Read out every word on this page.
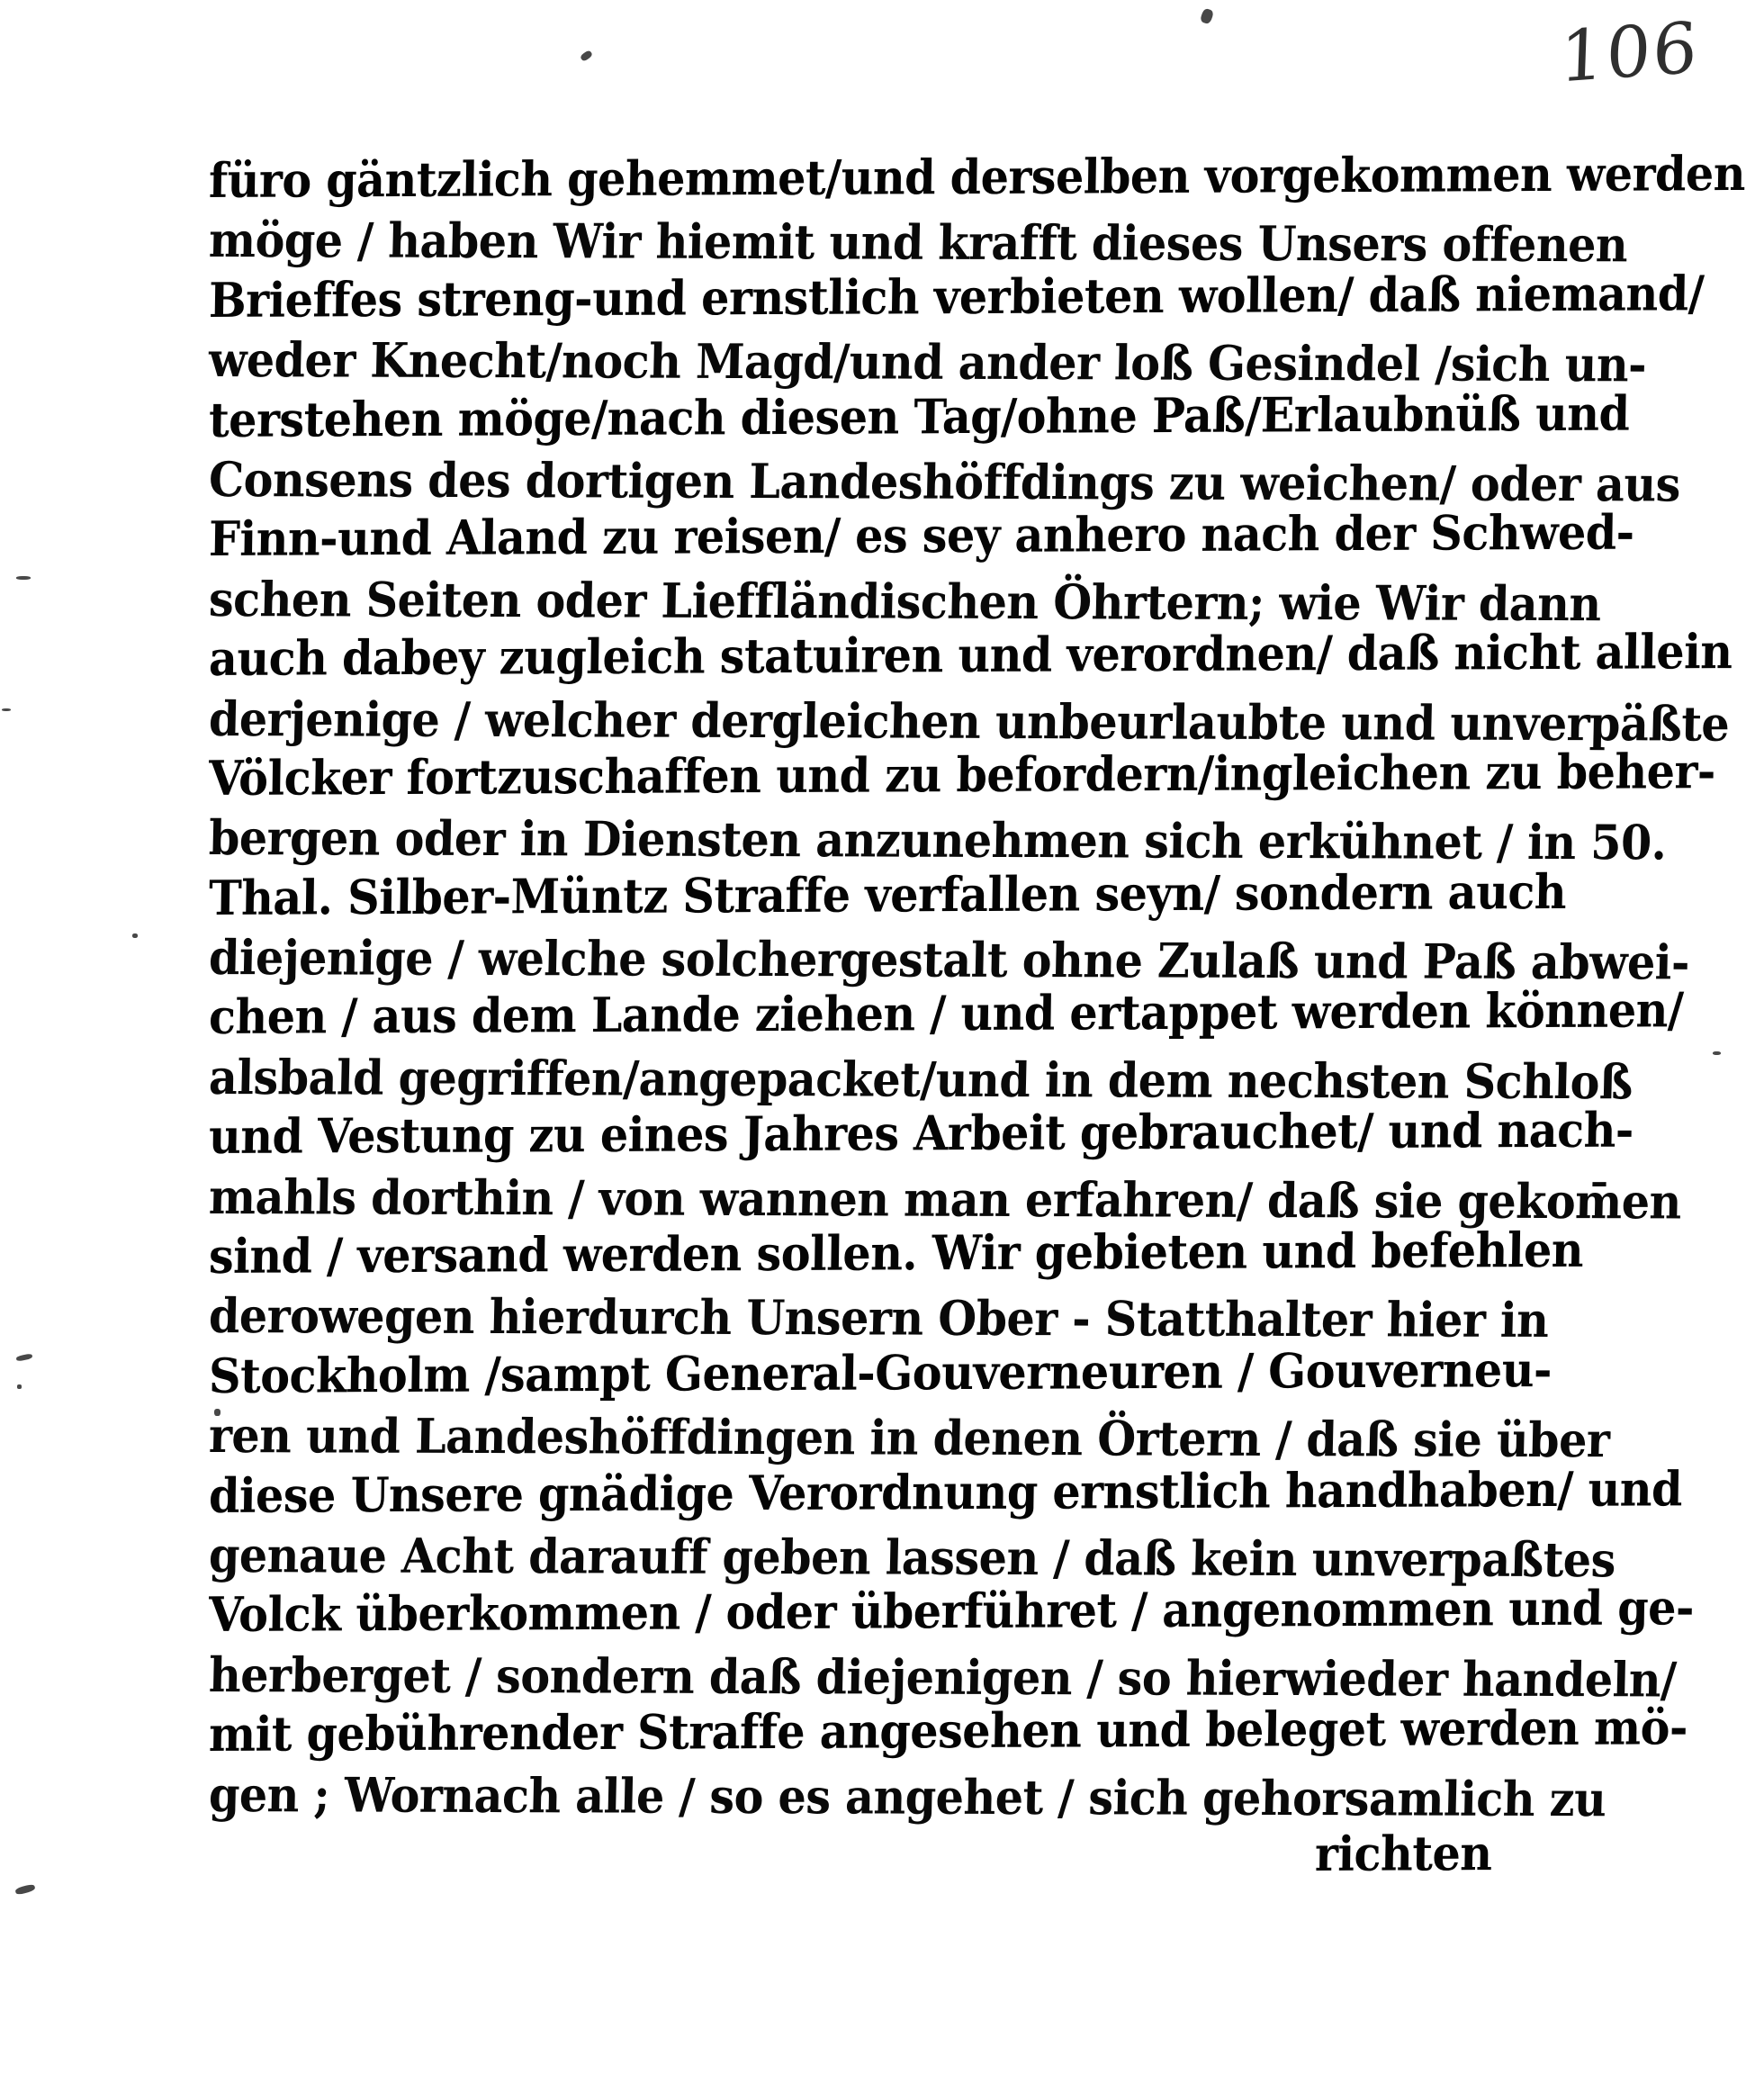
106
füro gäntzlich gehemmet/und derselben vorgekommen werden
möge / haben Wir hiemit und krafft dieses Unsers offenen
Brieffes streng-und ernstlich verbieten wollen/ daß niemand/
weder Knecht/noch Magd/und ander loß Gesindel /sich un-
terstehen möge/nach diesen Tag/ohne Paß/Erlaubnüß und
Consens des dortigen Landeshöffdings zu weichen/ oder aus
Finn-und Aland zu reisen/ es sey anhero nach der Schwed-
schen Seiten oder Lieffländischen Öhrtern; wie Wir dann
auch dabey zugleich statuiren und verordnen/ daß nicht allein
derjenige / welcher dergleichen unbeurlaubte und unverpäßte
Völcker fortzuschaffen und zu befordern/ingleichen zu beher-
bergen oder in Diensten anzunehmen sich erkühnet / in 50.
Thal. Silber-Müntz Straffe verfallen seyn/ sondern auch
diejenige / welche solchergestalt ohne Zulaß und Paß abwei-
chen / aus dem Lande ziehen / und ertappet werden können/
alsbald gegriffen/angepacket/und in dem nechsten Schloß
und Vestung zu eines Jahres Arbeit gebrauchet/ und nach-
mahls dorthin / von wannen man erfahren/ daß sie gekom̄en
sind / versand werden sollen. Wir gebieten und befehlen
derowegen hierdurch Unsern Ober - Statthalter hier in
Stockholm /sampt General-Gouverneuren / Gouverneu-
ren und Landeshöffdingen in denen Örtern / daß sie über
diese Unsere gnädige Verordnung ernstlich handhaben/ und
genaue Acht darauff geben lassen / daß kein unverpaßtes
Volck überkommen / oder überführet / angenommen und ge-
herberget / sondern daß diejenigen / so hierwieder handeln/
mit gebührender Straffe angesehen und beleget werden mö-
gen ; Wornach alle / so es angehet / sich gehorsamlich zu
richten
